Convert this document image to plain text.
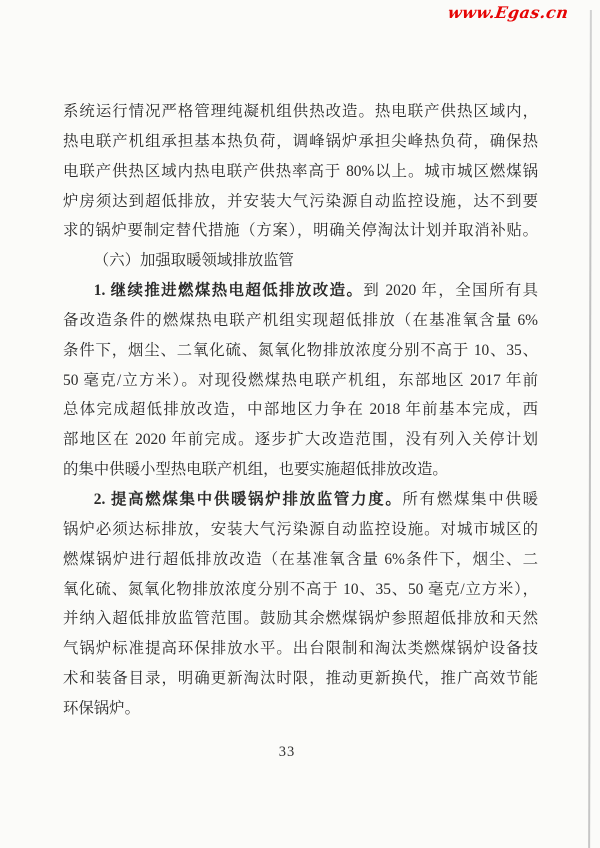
www.Egas.cn
系统运行情况严格管理纯凝机组供热改造。热电联产供热区域内，
热电联产机组承担基本热负荷，调峰锅炉承担尖峰热负荷，确保热
电联产供热区域内热电联产供热率高于 80%以上。城市城区燃煤锅
炉房须达到超低排放，并安装大气污染源自动监控设施，达不到要
求的锅炉要制定替代措施（方案），明确关停淘汰计划并取消补贴。
（六）加强取暖领域排放监管
1. 继续推进燃煤热电超低排放改造。到 2020 年，全国所有具
备改造条件的燃煤热电联产机组实现超低排放（在基准氧含量 6%
条件下，烟尘、二氧化硫、氮氧化物排放浓度分别不高于 10、35、
50 毫克/立方米）。对现役燃煤热电联产机组，东部地区 2017 年前
总体完成超低排放改造，中部地区力争在 2018 年前基本完成，西
部地区在 2020 年前完成。逐步扩大改造范围，没有列入关停计划
的集中供暖小型热电联产机组，也要实施超低排放改造。
2. 提高燃煤集中供暖锅炉排放监管力度。所有燃煤集中供暖
锅炉必须达标排放，安装大气污染源自动监控设施。对城市城区的
燃煤锅炉进行超低排放改造（在基准氧含量 6%条件下，烟尘、二
氧化硫、氮氧化物排放浓度分别不高于 10、35、50 毫克/立方米），
并纳入超低排放监管范围。鼓励其余燃煤锅炉参照超低排放和天然
气锅炉标准提高环保排放水平。出台限制和淘汰类燃煤锅炉设备技
术和装备目录，明确更新淘汰时限，推动更新换代，推广高效节能
环保锅炉。
33
